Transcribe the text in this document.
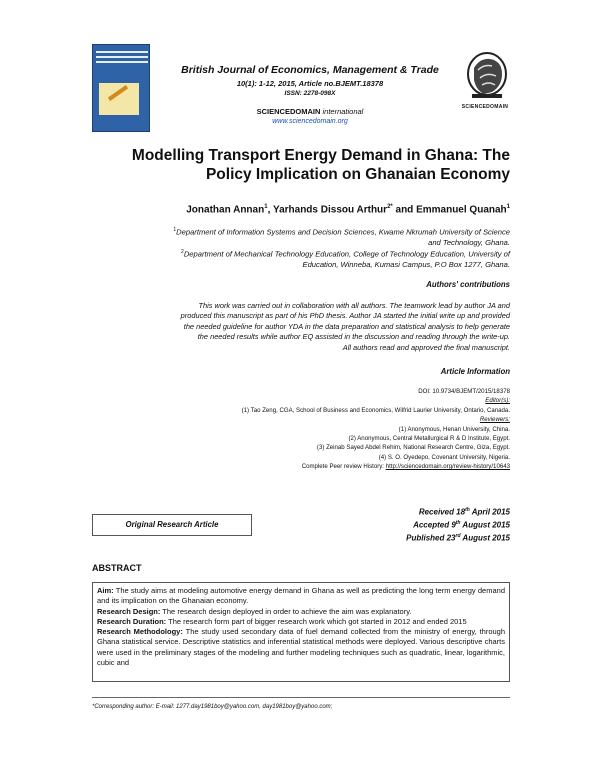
British Journal of Economics, Management & Trade
10(1): 1-12, 2015, Article no.BJEMT.18378
ISSN: 2278-098X
SCIENCEDOMAIN international
www.sciencedomain.org
SCIENCEDOMAIN
Modelling Transport Energy Demand in Ghana: The
Policy Implication on Ghanaian Economy
Jonathan Annan$^1$, Yarhands Dissou Arthur$^{2*}$ and Emmanuel Quanah$^1$
$^1$Department of Information Systems and Decision Sciences, Kwame Nkrumah University of Science
and Technology, Ghana.
$^2$Department of Mechanical Technology Education, College of Technology Education, University of
Education, Winneba, Kumasi Campus, P.O Box 1277, Ghana.
Authors' contributions
This work was carried out in collaboration with all authors. The teamwork lead by author JA and
produced this manuscript as part of his PhD thesis. Author JA started the initial write up and provided
the needed guideline for author YDA in the data preparation and statistical analysis to help generate
the needed results while author EQ assisted in the discussion and reading through the write-up.
All authors read and approved the final manuscript.
Article Information
DOI: 10.9734/BJEMT/2015/18378
Editor(s):
(1) Tao Zeng, CGA, School of Business and Economics, Wilfrid Laurier University, Ontario, Canada.
Reviewers:
(1) Anonymous, Henan University, China.
(2) Anonymous, Central Metallurgical R & D Institute, Egypt.
(3) Zeinab Sayed Abdel Rehim, National Research Centre, Giza, Egypt.
(4) S. O. Oyedepo, Covenant University, Nigeria.
Complete Peer review History: http://sciencedomain.org/review-history/10643
Received 18th April 2015
Accepted 9th August 2015
Published 23rd August 2015
Original Research Article
ABSTRACT
Aim: The study aims at modeling automotive energy demand in Ghana as well as predicting the long term energy demand and its implication on the Ghanaian economy.
Research Design: The research design deployed in order to achieve the aim was explanatory.
Research Duration: The research form part of bigger research work which got started in 2012 and ended 2015
Research Methodology: The study used secondary data of fuel demand collected from the ministry of energy, through Ghana statistical service. Descriptive statistics and inferential statistical methods were deployed. Various descriptive charts were used in the preliminary stages of the modeling and further modeling techniques such as quadratic, linear, logarithmic, cubic and
*Corresponding author: E-mail: 1277.day1981boy@yahoo.com, day1981boy@yahoo.com;
